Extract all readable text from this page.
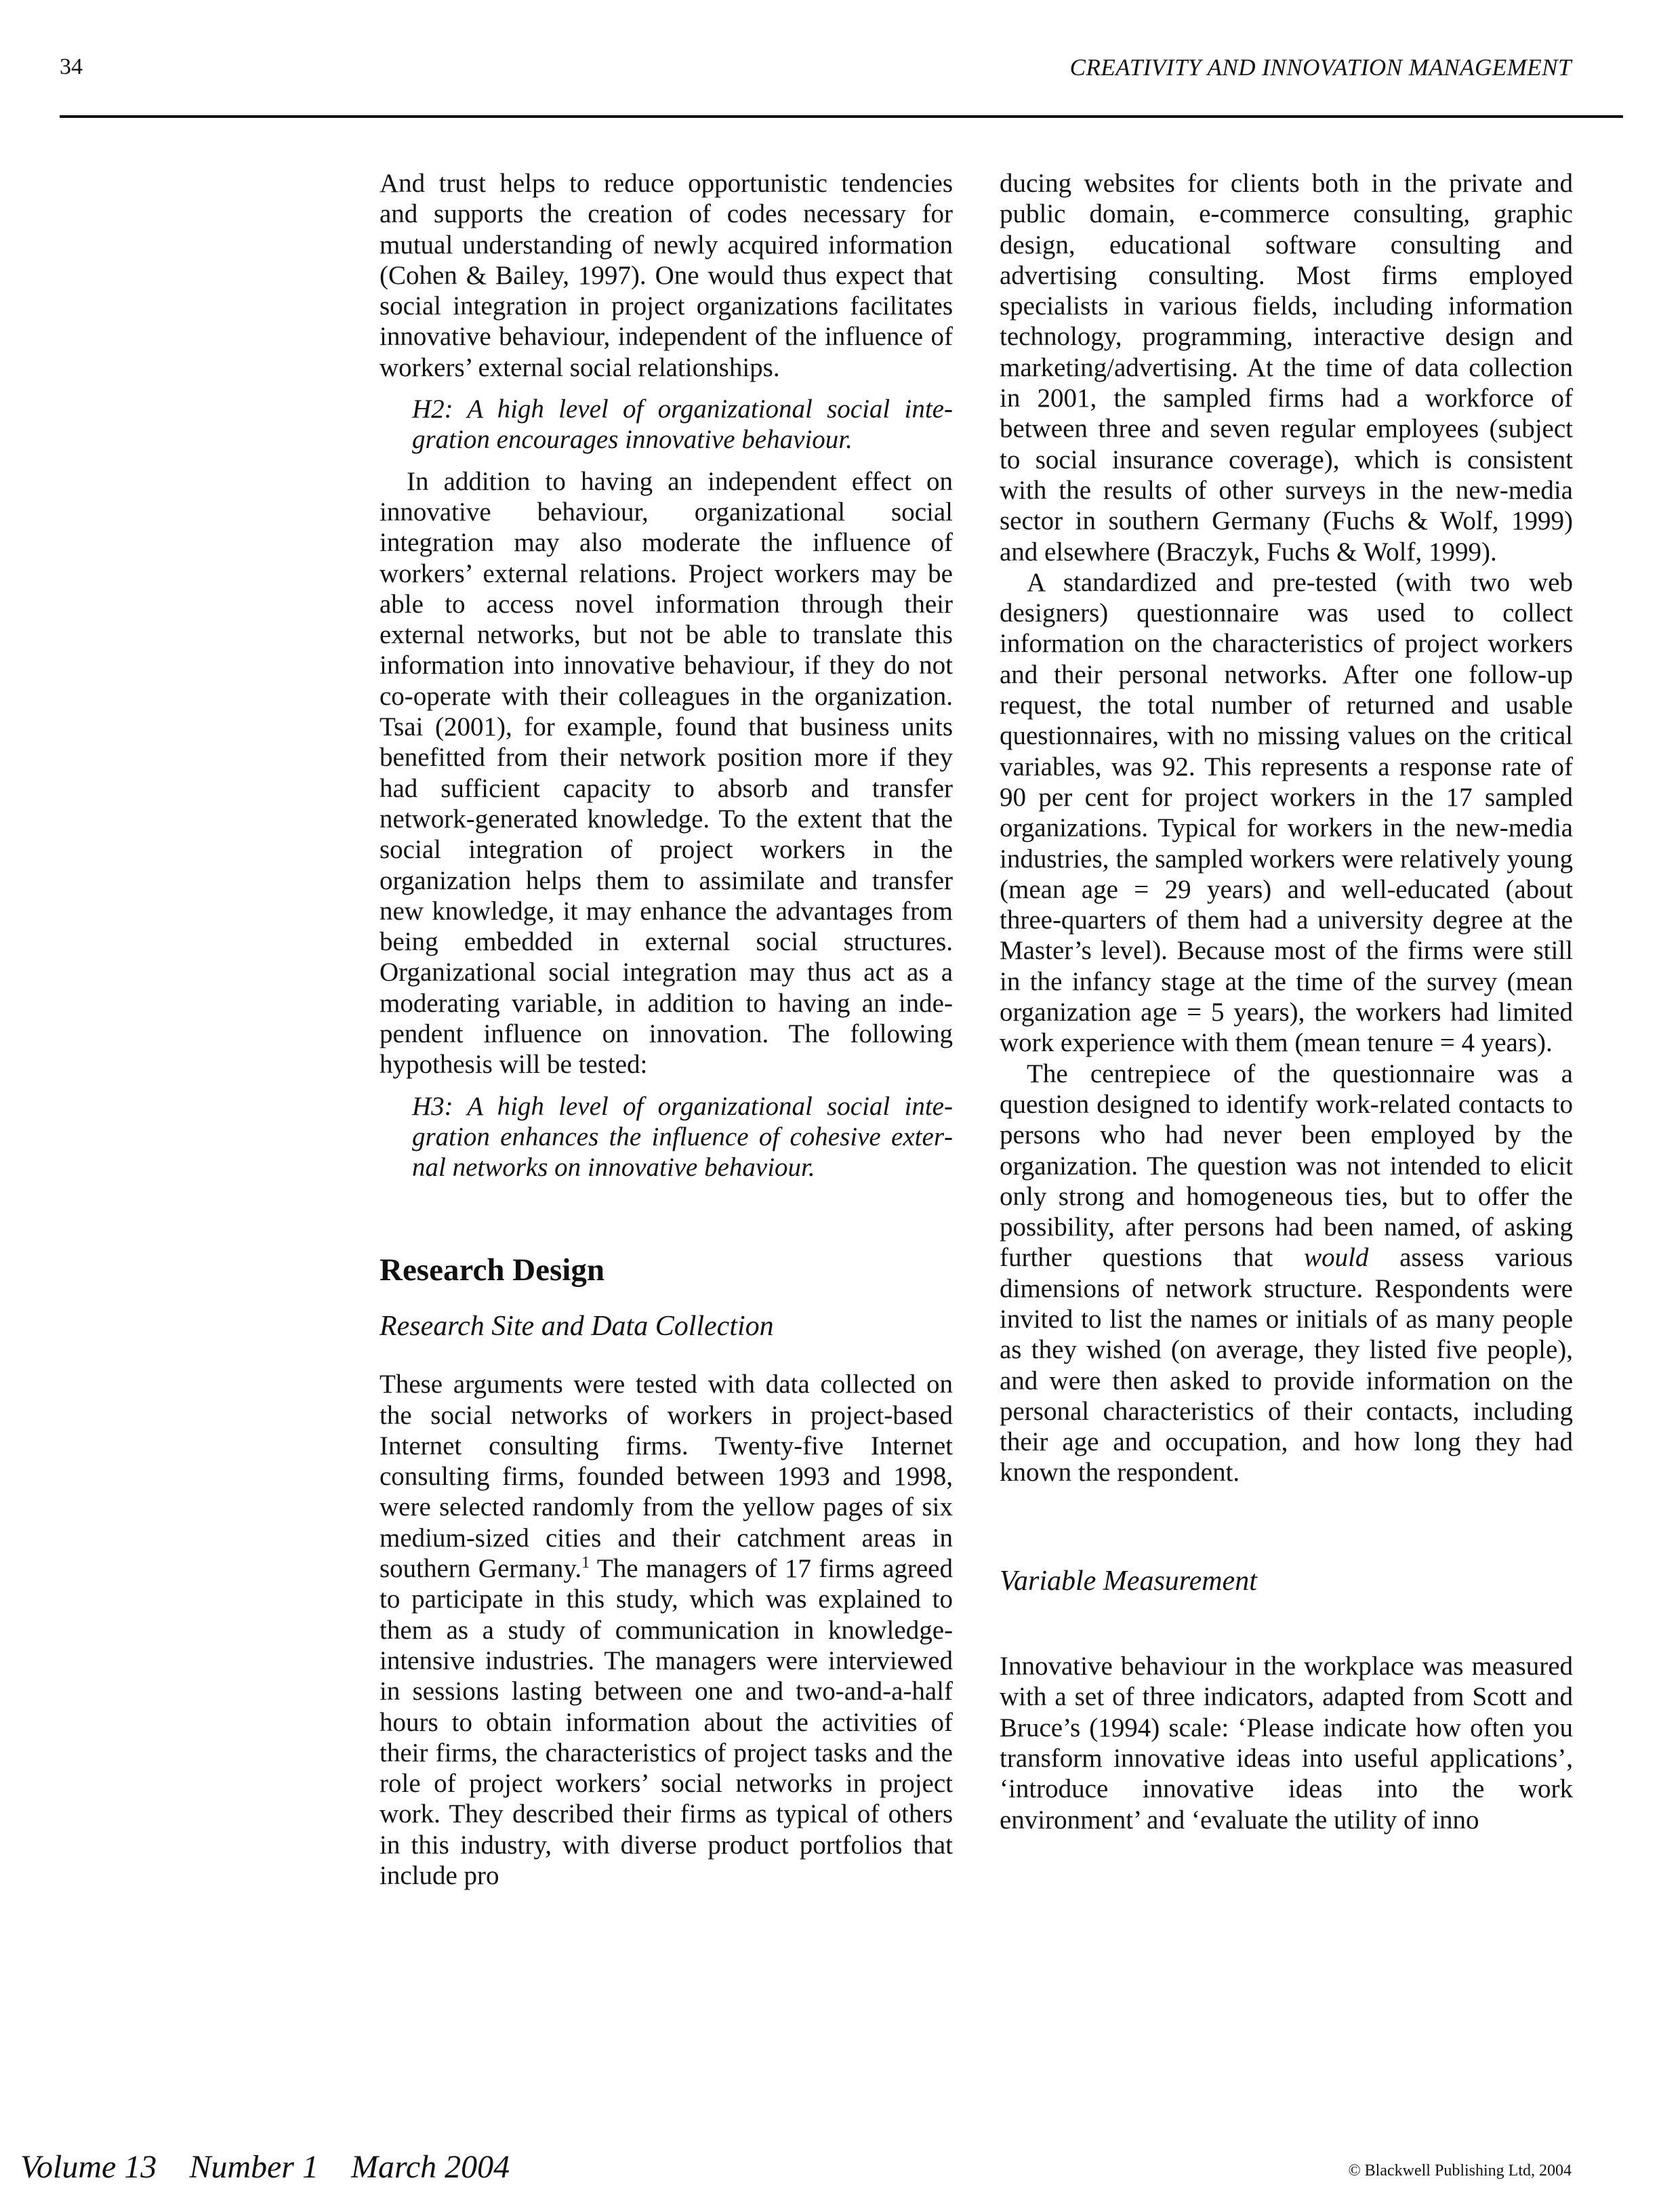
34	CREATIVITY AND INNOVATION MANAGEMENT

And trust helps to reduce opportunistic tendencies and supports the creation of codes necessary for mutual understanding of newly acquired information (Cohen & Bailey, 1997). One would thus expect that social integration in project organizations facilitates innovative behaviour, independent of the influence of workers’ external social relationships.

H2: A high level of organizational social integration encourages innovative behaviour.

In addition to having an independent effect on innovative behaviour, organizational social integration may also moderate the influence of workers’ external relations. Project workers may be able to access novel information through their external networks, but not be able to translate this information into innovative behaviour, if they do not co-operate with their colleagues in the organization. Tsai (2001), for example, found that business units benefitted from their network position more if they had sufficient capacity to absorb and transfer network-generated knowledge. To the extent that the social integration of project workers in the organization helps them to assimilate and transfer new knowledge, it may enhance the advantages from being embedded in external social structures. Organizational social integration may thus act as a moderating variable, in addition to having an independent influence on innovation. The following hypothesis will be tested:

H3: A high level of organizational social integration enhances the influence of cohesive external networks on innovative behaviour.

Research Design
Research Site and Data Collection

These arguments were tested with data collected on the social networks of workers in project-based Internet consulting firms. Twenty-five Internet consulting firms, founded between 1993 and 1998, were selected randomly from the yellow pages of six medium-sized cities and their catchment areas in southern Germany.$^1$ The managers of 17 firms agreed to participate in this study, which was explained to them as a study of communication in knowledge-intensive industries. The managers were interviewed in sessions lasting between one and two-and-a-half hours to obtain information about the activities of their firms, the characteristics of project tasks and the role of project workers’ social networks in project work. They described their firms as typical of others in this industry, with diverse product portfolios that include pro

ducing websites for clients both in the private and public domain, e-commerce consulting, graphic design, educational software consulting and advertising consulting. Most firms employed specialists in various fields, including information technology, programming, interactive design and marketing/advertising. At the time of data collection in 2001, the sampled firms had a workforce of between three and seven regular employees (subject to social insurance coverage), which is consistent with the results of other surveys in the new-media sector in southern Germany (Fuchs & Wolf, 1999) and elsewhere (Braczyk, Fuchs & Wolf, 1999).

A standardized and pre-tested (with two web designers) questionnaire was used to collect information on the characteristics of project workers and their personal networks. After one follow-up request, the total number of returned and usable questionnaires, with no missing values on the critical variables, was 92. This represents a response rate of 90 per cent for project workers in the 17 sampled organizations. Typical for workers in the new-media industries, the sampled workers were relatively young (mean age = 29 years) and well-educated (about three-quarters of them had a university degree at the Master’s level). Because most of the firms were still in the infancy stage at the time of the survey (mean organization age = 5 years), the workers had limited work experience with them (mean tenure = 4 years).

The centrepiece of the questionnaire was a question designed to identify work-related contacts to persons who had never been employed by the organization. The question was not intended to elicit only strong and homogeneous ties, but to offer the possibility, after persons had been named, of asking further questions that would assess various dimensions of network structure. Respondents were invited to list the names or initials of as many people as they wished (on average, they listed five people), and were then asked to provide information on the personal characteristics of their contacts, including their age and occupation, and how long they had known the respondent.

Variable Measurement

Innovative behaviour in the workplace was measured with a set of three indicators, adapted from Scott and Bruce’s (1994) scale: ‘Please indicate how often you transform innovative ideas into useful applications’, ‘introduce innovative ideas into the work environment’ and ‘evaluate the utility of inno

Volume 13 Number 1 March 2004	© Blackwell Publishing Ltd, 2004
